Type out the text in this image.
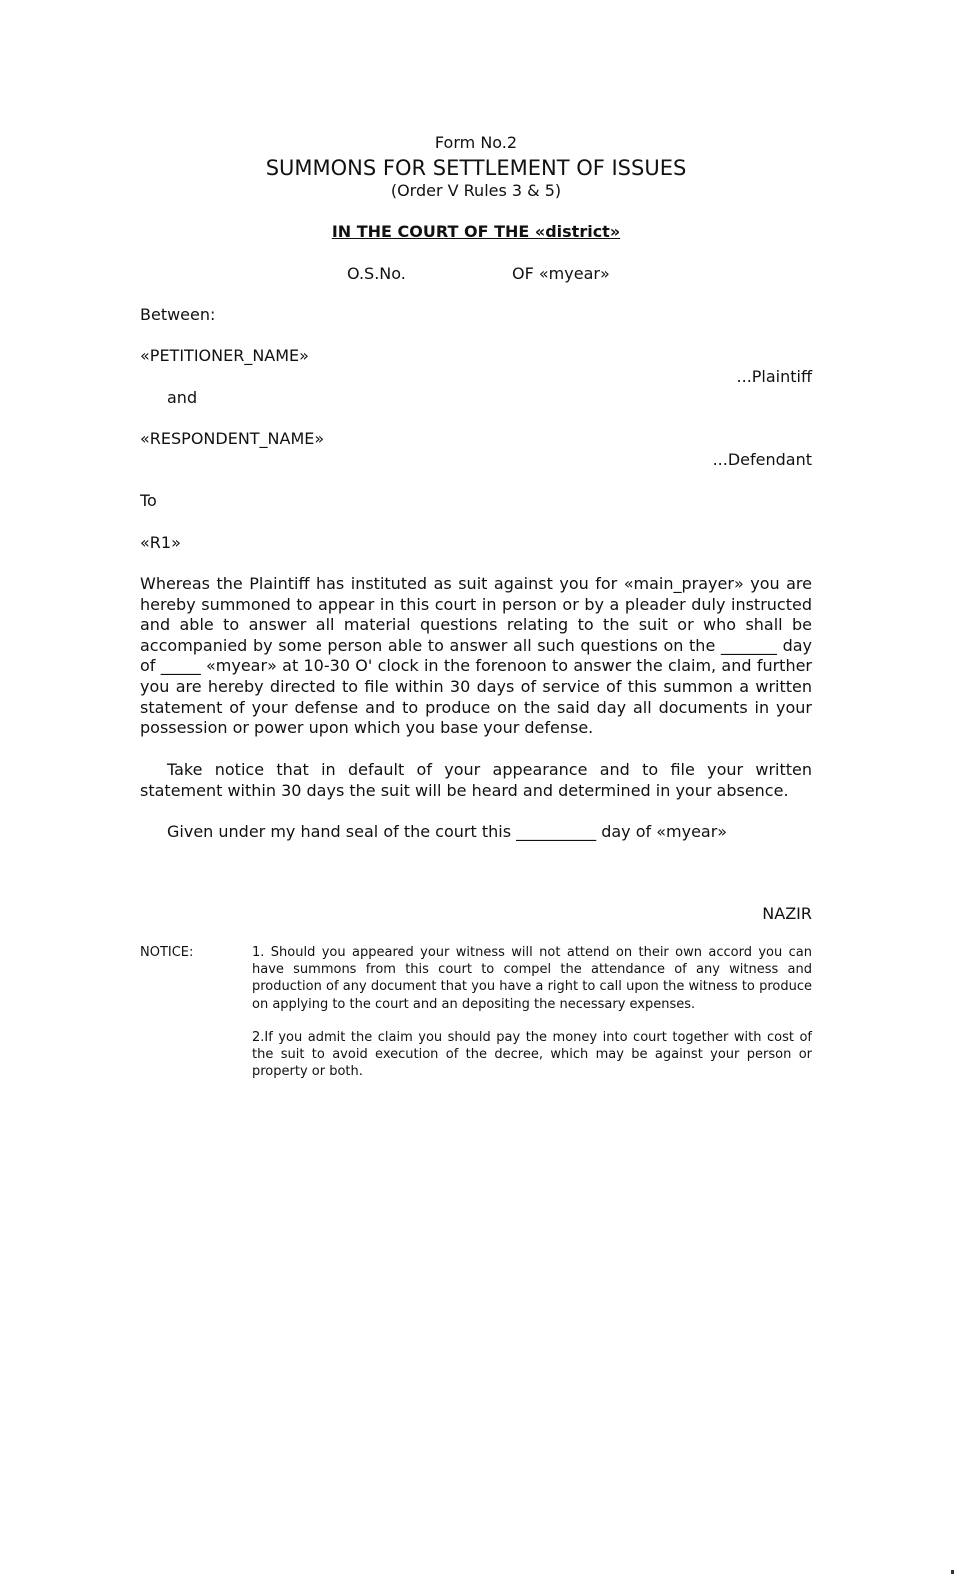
Form No.2
SUMMONS FOR SETTLEMENT OF ISSUES
(Order V Rules 3 & 5)
IN THE COURT OF THE «district»
O.S.No.	OF «myear»
Between:
«PETITIONER_NAME»
...Plaintiff
and
«RESPONDENT_NAME»
...Defendant
To
«R1»
Whereas the Plaintiff has instituted as suit against you for «main_prayer» you are hereby summoned to appear in this court in person or by a pleader duly instructed and able to answer all material questions relating to the suit or who shall be accompanied by some person able to answer all such questions on the _______ day of _____ «myear» at 10-30 O' clock in the forenoon to answer the claim, and further you are hereby directed to file within 30 days of service of this summon a written statement of your defense and to produce on the said day all documents in your possession or power upon which you base your defense.
Take notice that in default of your appearance and to file your written statement within 30 days the suit will be heard and determined in your absence.
Given under my hand seal of the court this __________ day of «myear»
NAZIR
NOTICE:	1. Should you appeared your witness will not attend on their own accord you can have summons from this court to compel the attendance of any witness and production of any document that you have a right to call upon the witness to produce on applying to the court and an depositing the necessary expenses.
2.If you admit the claim you should pay the money into court together with cost of the suit to avoid execution of the decree, which may be against your person or property or both.
